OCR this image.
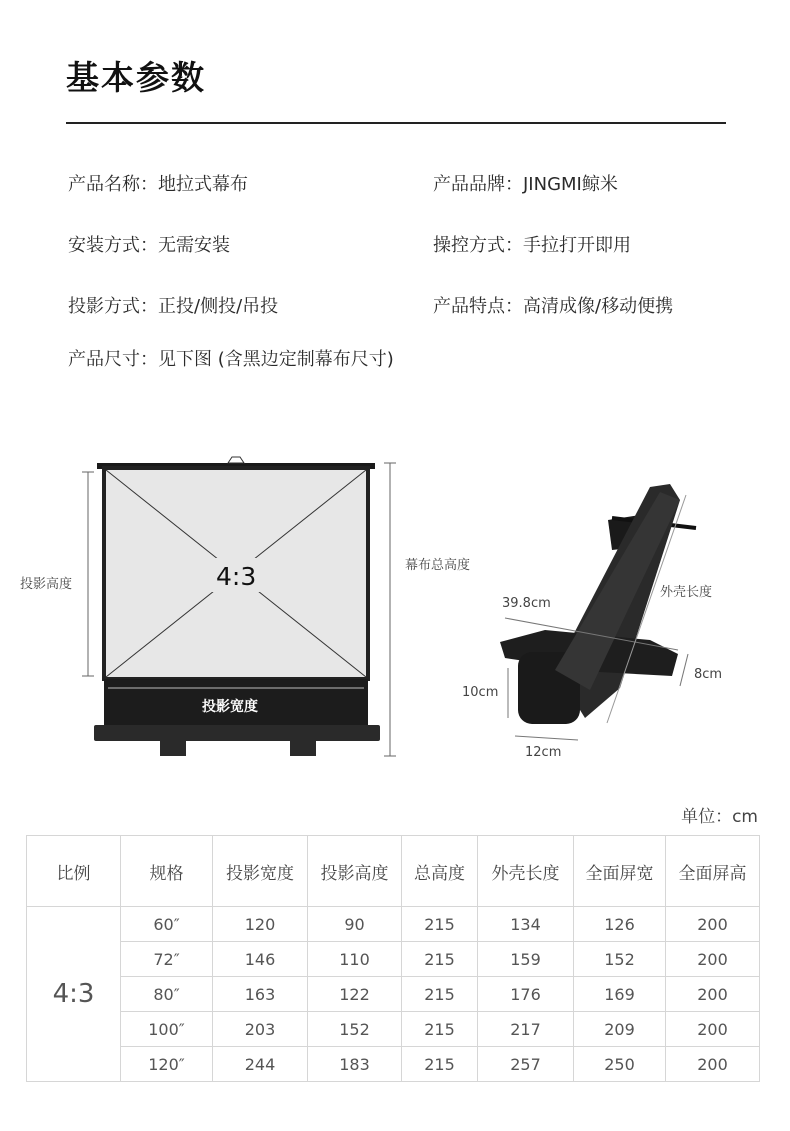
基本参数
产品名称：地拉式幕布	产品品牌：JINGMI鲸米
安装方式：无需安装	操控方式：手拉打开即用
投影方式：正投/侧投/吊投	产品特点：高清成像/移动便携
产品尺寸：见下图 (含黑边定制幕布尺寸)
投影高度	4:3
投影宽度
幕布总高度
外壳长度
39.8cm
8cm
10cm
12cm
单位：cm
比例	规格	投影宽度	投影高度	总高度	外壳长度	全面屏宽	全面屏高
4:3	60″	120	90	215	134	126	200
	72″	146	110	215	159	152	200
	80″	163	122	215	176	169	200
	100″	203	152	215	217	209	200
	120″	244	183	215	257	250	200
